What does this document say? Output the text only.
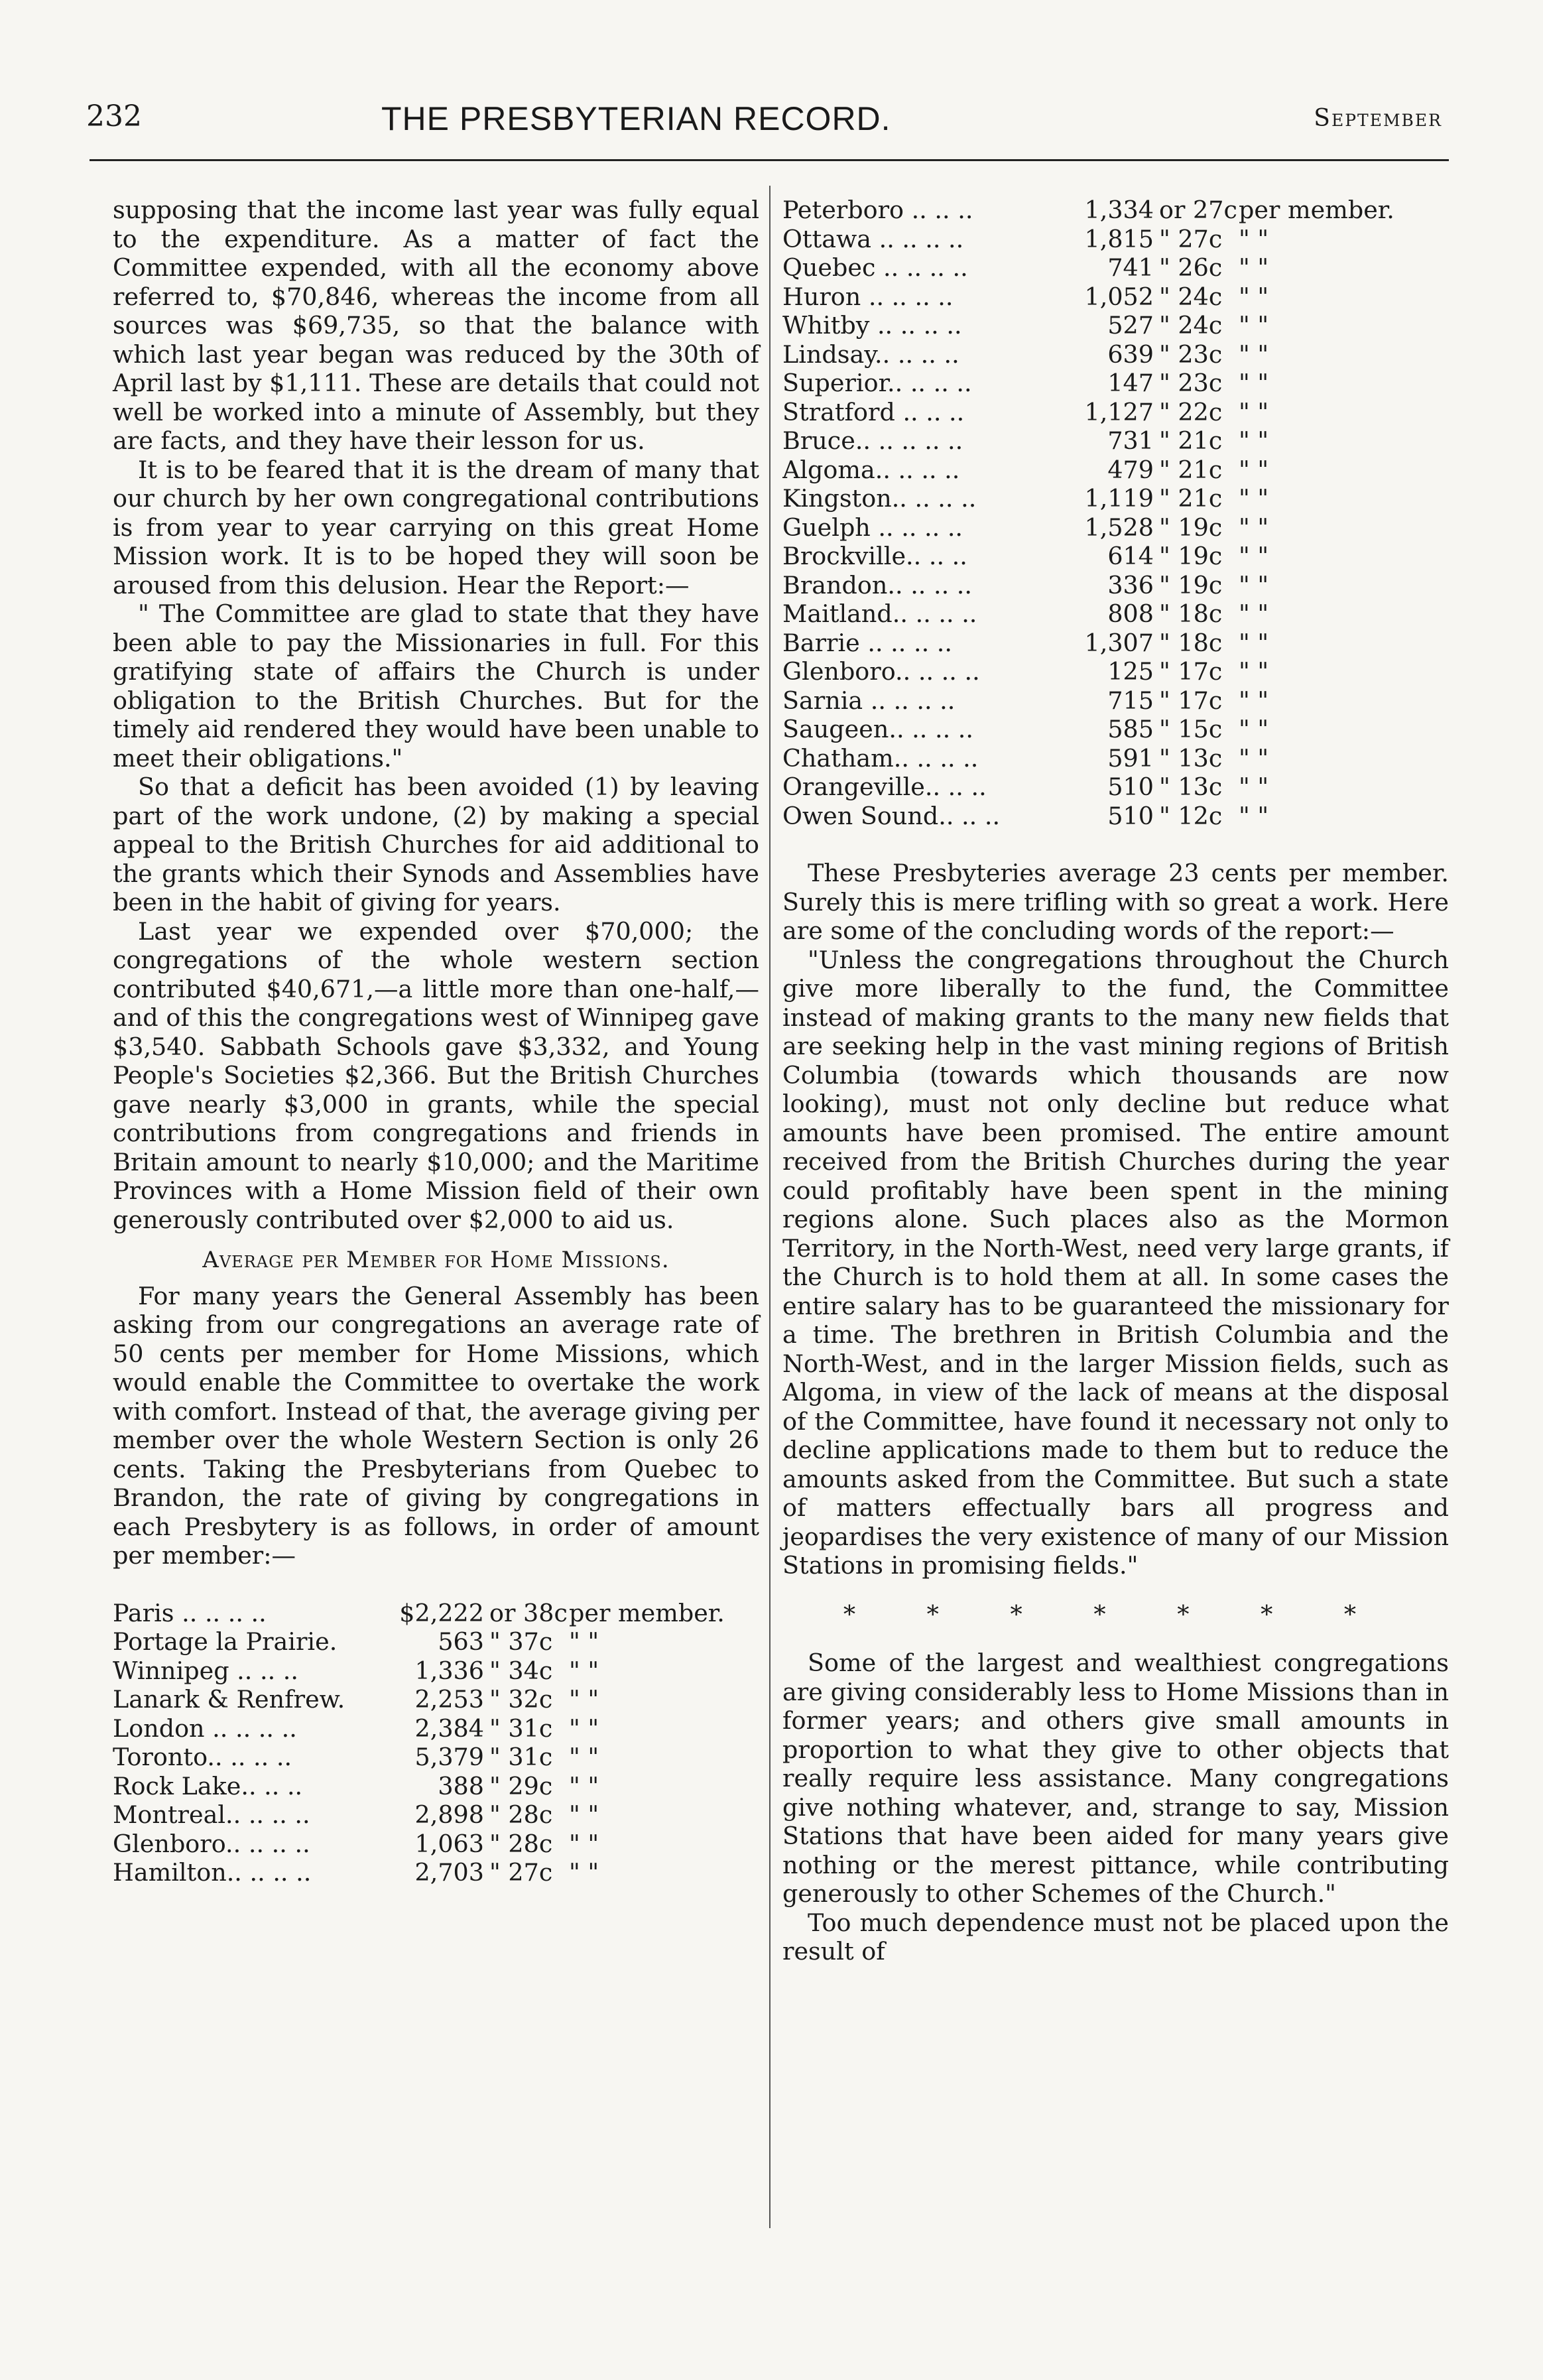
232	THE PRESBYTERIAN RECORD.	September

supposing that the income last year was fully equal to the expenditure. As a matter of fact the Committee expended, with all the economy above referred to, $70,846, whereas the income from all sources was $69,735, so that the balance with which last year began was reduced by the 30th of April last by $1,111. These are details that could not well be worked into a minute of Assembly, but they are facts, and they have their lesson for us.

It is to be feared that it is the dream of many that our church by her own congregational contributions is from year to year carrying on this great Home Mission work. It is to be hoped they will soon be aroused from this delusion. Hear the Report:—

" The Committee are glad to state that they have been able to pay the Missionaries in full. For this gratifying state of affairs the Church is under obligation to the British Churches. But for the timely aid rendered they would have been unable to meet their obligations."

So that a deficit has been avoided (1) by leaving part of the work undone, (2) by making a special appeal to the British Churches for aid additional to the grants which their Synods and Assemblies have been in the habit of giving for years.

Last year we expended over $70,000; the congregations of the whole western section contributed $40,671,—a little more than one-half,—and of this the congregations west of Winnipeg gave $3,540. Sabbath Schools gave $3,332, and Young People's Societies $2,366. But the British Churches gave nearly $3,000 in grants, while the special contributions from congregations and friends in Britain amount to nearly $10,000; and the Maritime Provinces with a Home Mission field of their own generously contributed over $2,000 to aid us.

Average per Member for Home Missions.

For many years the General Assembly has been asking from our congregations an average rate of 50 cents per member for Home Missions, which would enable the Committee to overtake the work with comfort. Instead of that, the average giving per member over the whole Western Section is only 26 cents. Taking the Presbyterians from Quebec to Brandon, the rate of giving by congregations in each Presbytery is as follows, in order of amount per member:—

Paris .. .. .. ..	$2,222 or 38c per member.
Portage la Prairie.	563 " 37c " "
Winnipeg .. .. ..	1,336 " 34c " "
Lanark & Renfrew.	2,253 " 32c " "
London .. .. .. ..	2,384 " 31c " "
Toronto.. .. .. ..	5,379 " 31c " "
Rock Lake.. .. ..	388 " 29c " "
Montreal.. .. .. ..	2,898 " 28c " "
Glenboro.. .. .. ..	1,063 " 28c " "
Hamilton.. .. .. ..	2,703 " 27c " "
Peterboro .. .. ..	1,334 or 27c per member.
Ottawa .. .. .. ..	1,815 " 27c " "
Quebec .. .. .. ..	741 " 26c " "
Huron .. .. .. ..	1,052 " 24c " "
Whitby .. .. .. ..	527 " 24c " "
Lindsay.. .. .. ..	639 " 23c " "
Superior.. .. .. ..	147 " 23c " "
Stratford .. .. ..	1,127 " 22c " "
Bruce.. .. .. .. ..	731 " 21c " "
Algoma.. .. .. ..	479 " 21c " "
Kingston.. .. .. ..	1,119 " 21c " "
Guelph .. .. .. ..	1,528 " 19c " "
Brockville.. .. ..	614 " 19c " "
Brandon.. .. .. ..	336 " 19c " "
Maitland.. .. .. ..	808 " 18c " "
Barrie .. .. .. ..	1,307 " 18c " "
Glenboro.. .. .. ..	125 " 17c " "
Sarnia .. .. .. ..	715 " 17c " "
Saugeen.. .. .. ..	585 " 15c " "
Chatham.. .. .. ..	591 " 13c " "
Orangeville.. .. ..	510 " 13c " "
Owen Sound.. .. ..	510 " 12c " "

These Presbyteries average 23 cents per member. Surely this is mere trifling with so great a work. Here are some of the concluding words of the report:—

"Unless the congregations throughout the Church give more liberally to the fund, the Committee instead of making grants to the many new fields that are seeking help in the vast mining regions of British Columbia (towards which thousands are now looking), must not only decline but reduce what amounts have been promised. The entire amount received from the British Churches during the year could profitably have been spent in the mining regions alone. Such places also as the Mormon Territory, in the North-West, need very large grants, if the Church is to hold them at all. In some cases the entire salary has to be guaranteed the missionary for a time. The brethren in British Columbia and the North-West, and in the larger Mission fields, such as Algoma, in view of the lack of means at the disposal of the Committee, have found it necessary not only to decline applications made to them but to reduce the amounts asked from the Committee. But such a state of matters effectually bars all progress and jeopardises the very existence of many of our Mission Stations in promising fields."

* * * * * * *

Some of the largest and wealthiest congregations are giving considerably less to Home Missions than in former years; and others give small amounts in proportion to what they give to other objects that really require less assistance. Many congregations give nothing whatever, and, strange to say, Mission Stations that have been aided for many years give nothing or the merest pittance, while contributing generously to other Schemes of the Church."

Too much dependence must not be placed upon the result of
